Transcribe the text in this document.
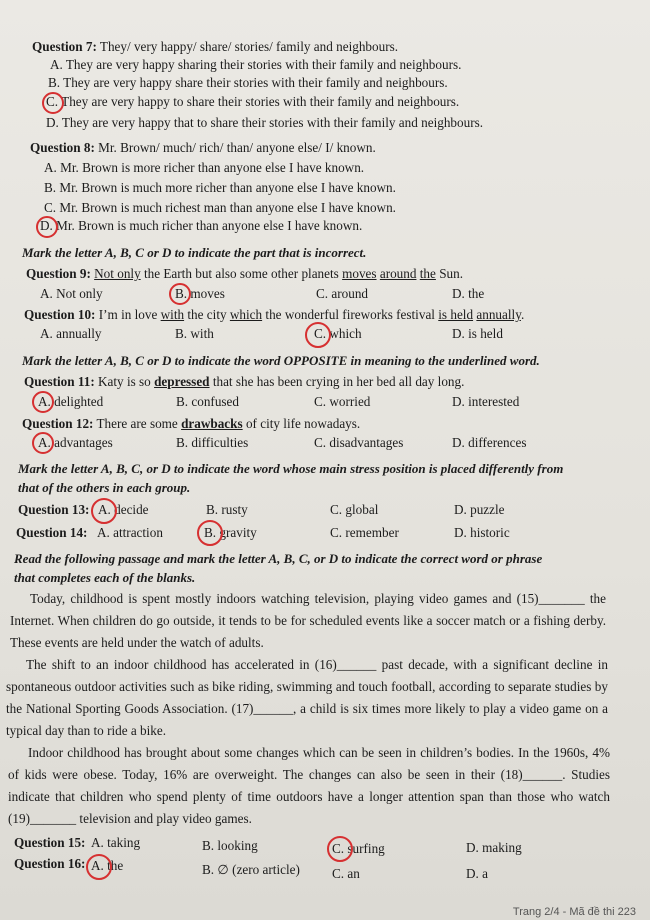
Question 7: They/ very happy/ share/ stories/ family and neighbours.
A. They are very happy sharing their stories with their family and neighbours.
B. They are very happy share their stories with their family and neighbours.
C. They are very happy to share their stories with their family and neighbours.
D. They are very happy that to share their stories with their family and neighbours.
Question 8: Mr. Brown/ much/ rich/ than/ anyone else/ I/ known.
A. Mr. Brown is more richer than anyone else I have known.
B. Mr. Brown is much more richer than anyone else I have known.
C. Mr. Brown is much richest man than anyone else I have known.
D. Mr. Brown is much richer than anyone else I have known.
Mark the letter A, B, C or D to indicate the part that is incorrect.
Question 9: Not only the Earth but also some other planets moves around the Sun.
A. Not only	B. moves	C. around	D. the
Question 10: I’m in love with the city which the wonderful fireworks festival is held annually.
A. annually	B. with	C. which	D. is held
Mark the letter A, B, C or D to indicate the word OPPOSITE in meaning to the underlined word.
Question 11: Katy is so depressed that she has been crying in her bed all day long.
A. delighted	B. confused	C. worried	D. interested
Question 12: There are some drawbacks of city life nowadays.
A. advantages	B. difficulties	C. disadvantages	D. differences
Mark the letter A, B, C, or D to indicate the word whose main stress position is placed differently from
that of the others in each group.
Question 13: A. decide	B. rusty	C. global	D. puzzle
Question 14: A. attraction	B. gravity	C. remember	D. historic
Read the following passage and mark the letter A, B, C, or D to indicate the correct word or phrase
that completes each of the blanks.
Today, childhood is spent mostly indoors watching television, playing video games and (15)_______ the Internet. When children do go outside, it tends to be for scheduled events like a soccer match or a fishing derby. These events are held under the watch of adults.
The shift to an indoor childhood has accelerated in (16)______ past decade, with a significant decline in spontaneous outdoor activities such as bike riding, swimming and touch football, according to separate studies by the National Sporting Goods Association. (17)______, a child is six times more likely to play a video game on a typical day than to ride a bike.
Indoor childhood has brought about some changes which can be seen in children’s bodies. In the 1960s, 4% of kids were obese. Today, 16% are overweight. The changes can also be seen in their (18)______. Studies indicate that children who spend plenty of time outdoors have a longer attention span than those who watch (19)_______ television and play video games.
Question 15: A. taking	B. looking	C. surfing	D. making
Question 16: A. the	B. ∅ (zero article) C. an	D. a
Trang 2/4 - Mã đề thi 223
